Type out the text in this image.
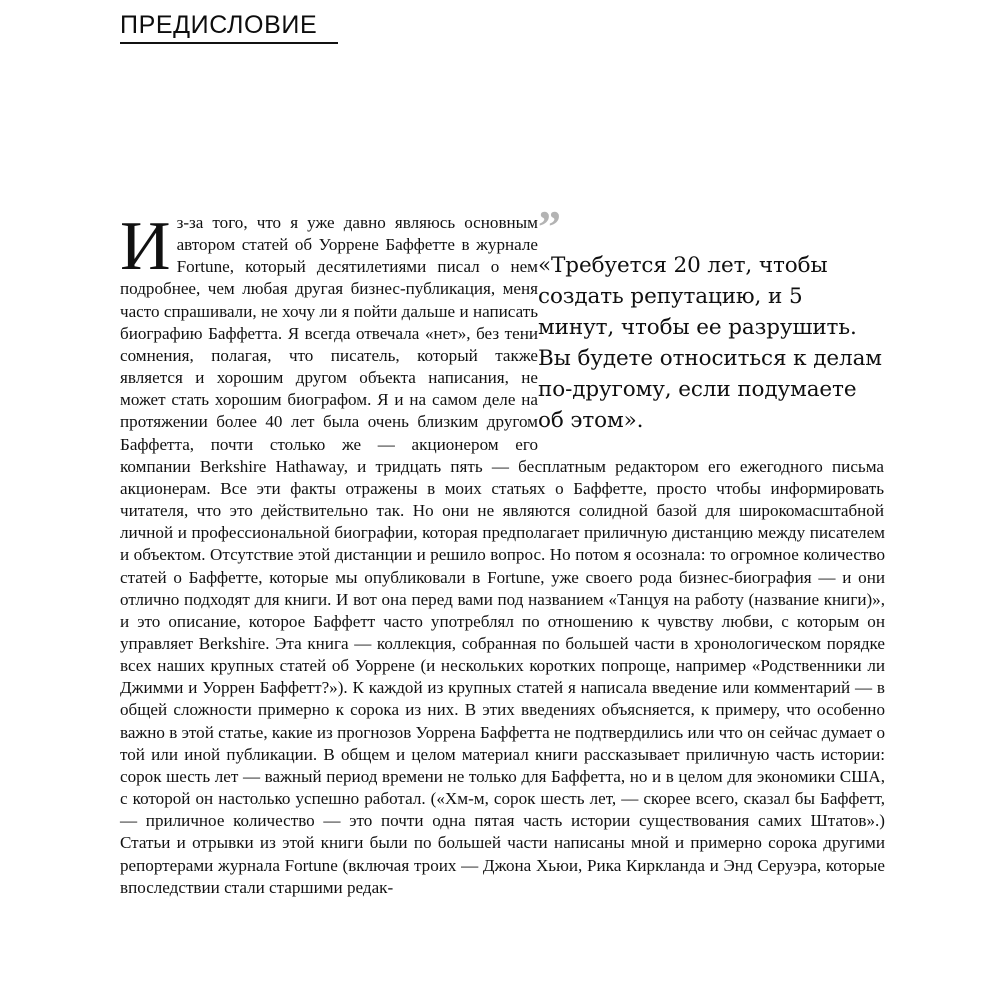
ПРЕДИСЛОВИЕ
”
«Требуется 20 лет, чтобы создать репутацию, и 5 минут, чтобы ее разрушить. Вы будете относиться к делам по-другому, если подумаете об этом».

Из-за того, что я уже давно являюсь основным автором статей об Уоррене Баффетте в журнале Fortune, который десятилетиями писал о нем подробнее, чем любая другая бизнес-публикация, меня часто спрашивали, не хочу ли я пойти дальше и написать биографию Баффетта. Я всегда отвечала «нет», без тени сомнения, полагая, что писатель, который также является и хорошим другом объекта написания, не может стать хорошим биографом. Я и на самом деле на протяжении более 40 лет была очень близким другом Баффетта, почти столько же — акционером его компании Berkshire Hathaway, и тридцать пять — бесплатным редактором его ежегодного письма акционерам. Все эти факты отражены в моих статьях о Баффетте, просто чтобы информировать читателя, что это действительно так. Но они не являются солидной базой для широкомасштабной личной и профессиональной биографии, которая предполагает приличную дистанцию между писателем и объектом. Отсутствие этой дистанции и решило вопрос. Но потом я осознала: то огромное количество статей о Баффетте, которые мы опубликовали в Fortune, уже своего рода бизнес-биография — и они отлично подходят для книги. И вот она перед вами под названием «Танцуя на работу (название книги)», и это описание, которое Баффетт часто употреблял по отношению к чувству любви, с которым он управляет Berkshire. Эта книга — коллекция, собранная по большей части в хронологическом порядке всех наших крупных статей об Уоррене (и нескольких коротких попроще, например «Родственники ли Джимми и Уоррен Баффетт?»). К каждой из крупных статей я написала введение или комментарий — в общей сложности примерно к сорока из них. В этих введениях объясняется, к примеру, что особенно важно в этой статье, какие из прогнозов Уоррена Баффетта не подтвердились или что он сейчас думает о той или иной публикации. В общем и целом материал книги рассказывает приличную часть истории: сорок шесть лет — важный период времени не только для Баффетта, но и в целом для экономики США, с которой он настолько успешно работал. («Хм-м, сорок шесть лет, — скорее всего, сказал бы Баффетт, — приличное количество — это почти одна пятая часть истории существования самих Штатов».) Статьи и отрывки из этой книги были по большей части написаны мной и примерно сорока другими репортерами журнала Fortune (включая троих — Джона Хьюи, Рика Киркланда и Энд Серуэра, которые впоследствии стали старшими редак-
